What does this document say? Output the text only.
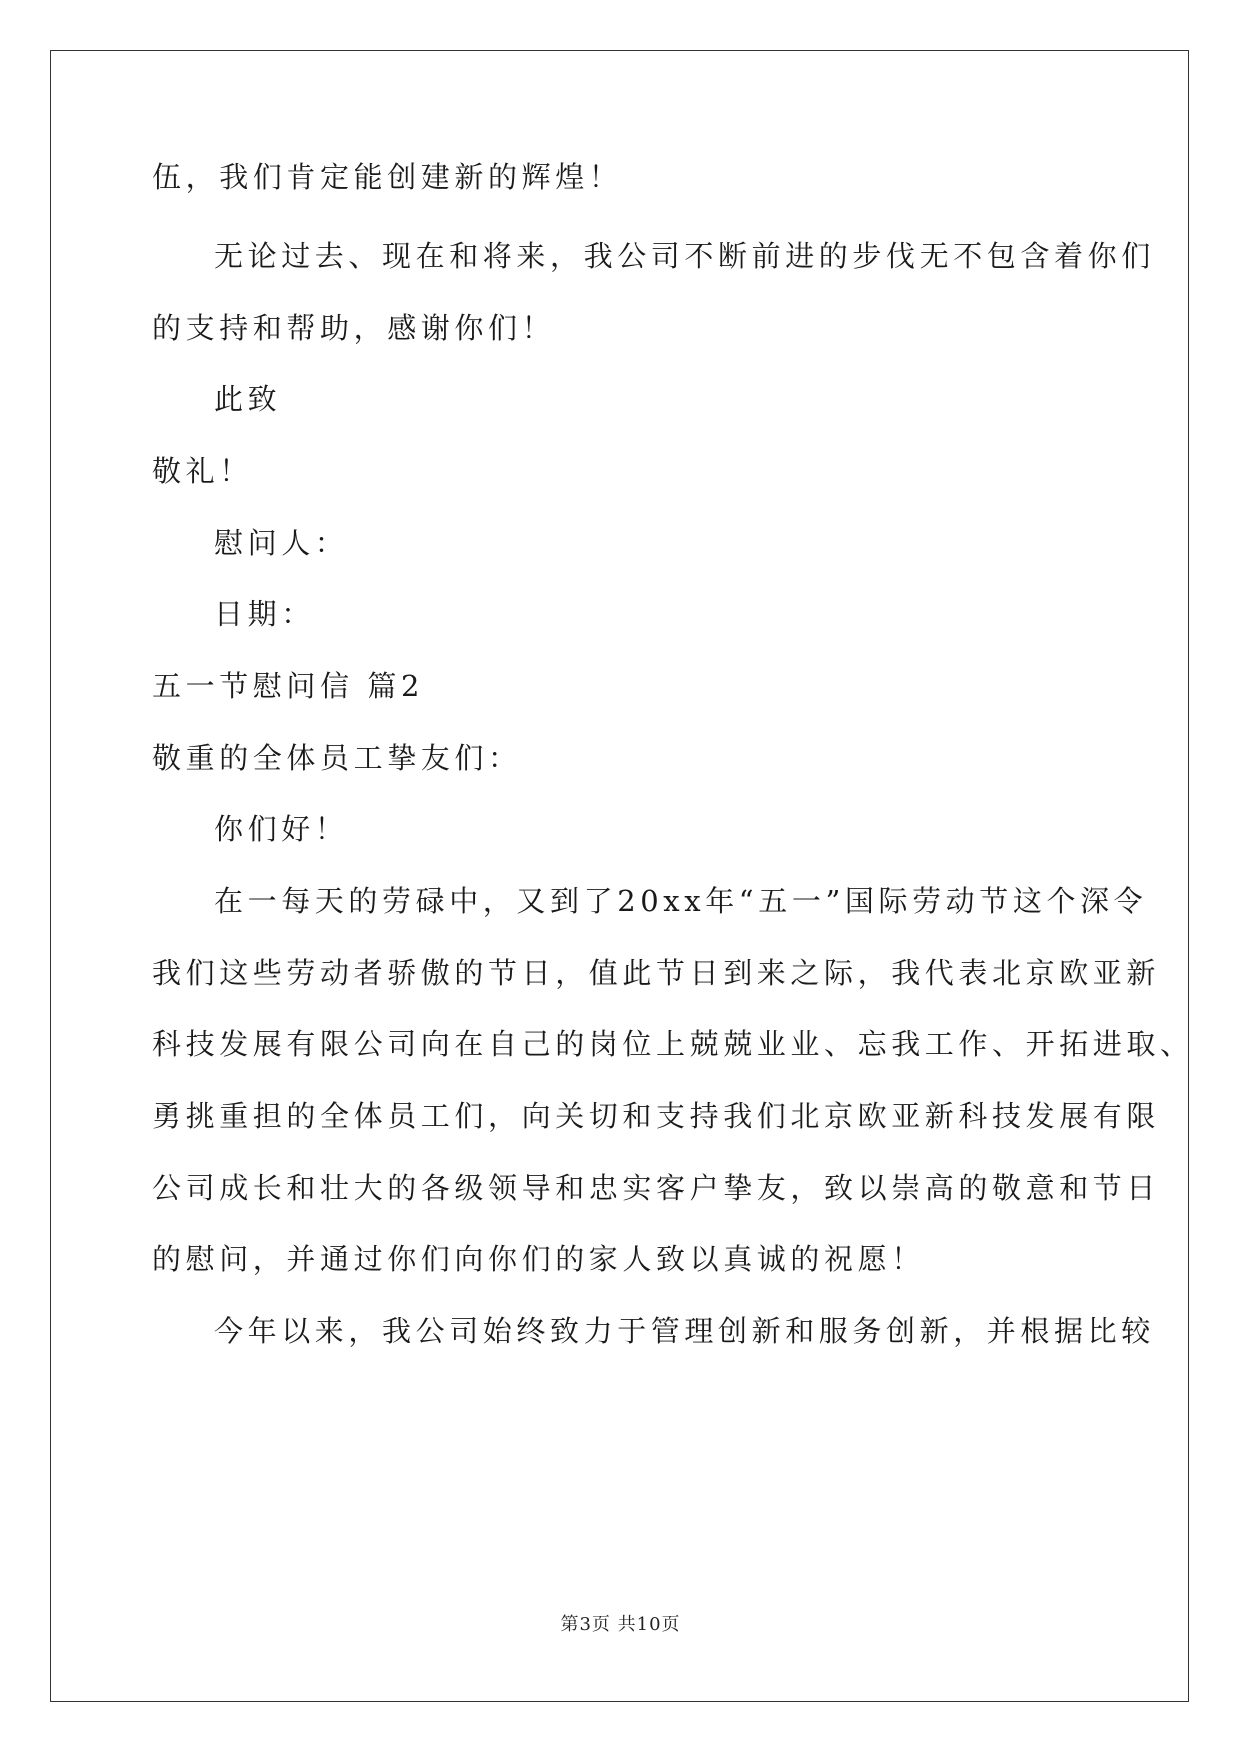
伍，我们肯定能创建新的辉煌！
无论过去、现在和将来，我公司不断前进的步伐无不包含着你们
的支持和帮助，感谢你们！
此致
敬礼！
慰问人：
日期：
五一节慰问信 篇2
敬重的全体员工挚友们：
你们好！
在一每天的劳碌中，又到了20xx年“五一”国际劳动节这个深令
我们这些劳动者骄傲的节日，值此节日到来之际，我代表北京欧亚新
科技发展有限公司向在自己的岗位上兢兢业业、忘我工作、开拓进取、
勇挑重担的全体员工们，向关切和支持我们北京欧亚新科技发展有限
公司成长和壮大的各级领导和忠实客户挚友，致以崇高的敬意和节日
的慰问，并通过你们向你们的家人致以真诚的祝愿！
今年以来，我公司始终致力于管理创新和服务创新，并根据比较
第3页 共10页
